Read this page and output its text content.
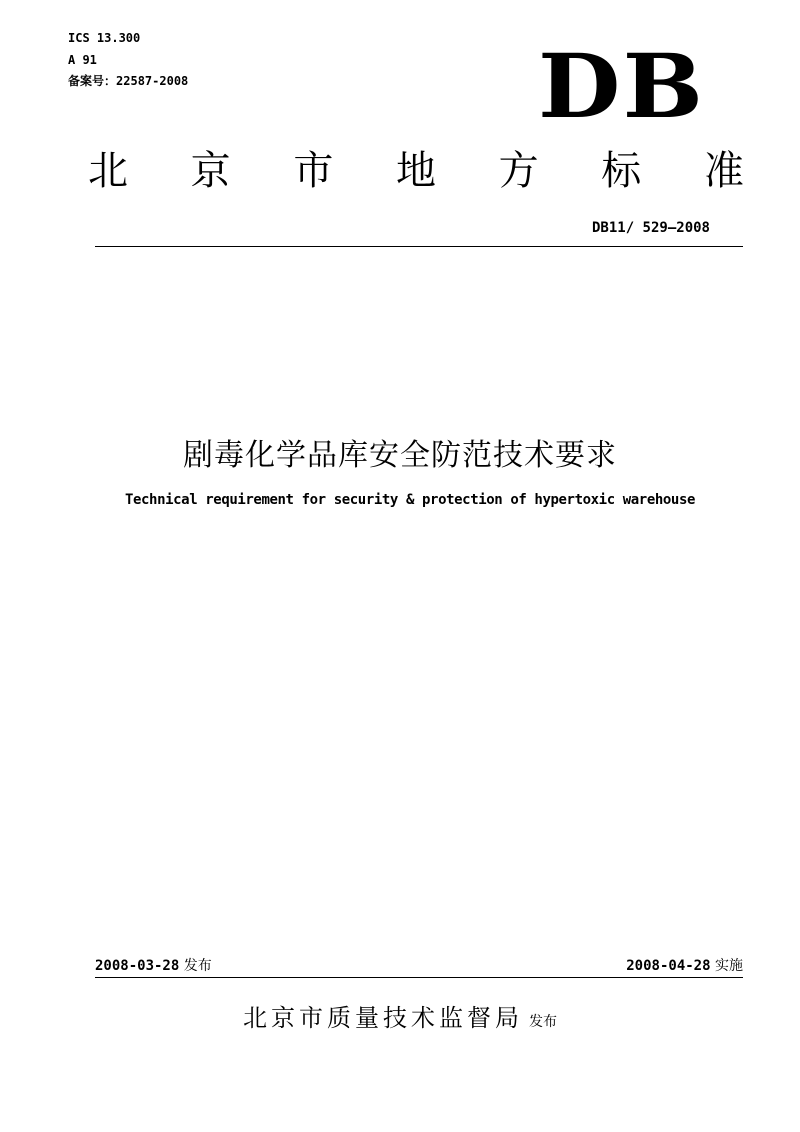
ICS 13.300
A 91
备案号：22587-2008	DB
北 京 市 地 方 标 准
DB11/ 529—2008
剧毒化学品库安全防范技术要求
Technical requirement for security & protection of hypertoxic warehouse
2008-03-28 发布	2008-04-28 实施
北京市质量技术监督局 发布
